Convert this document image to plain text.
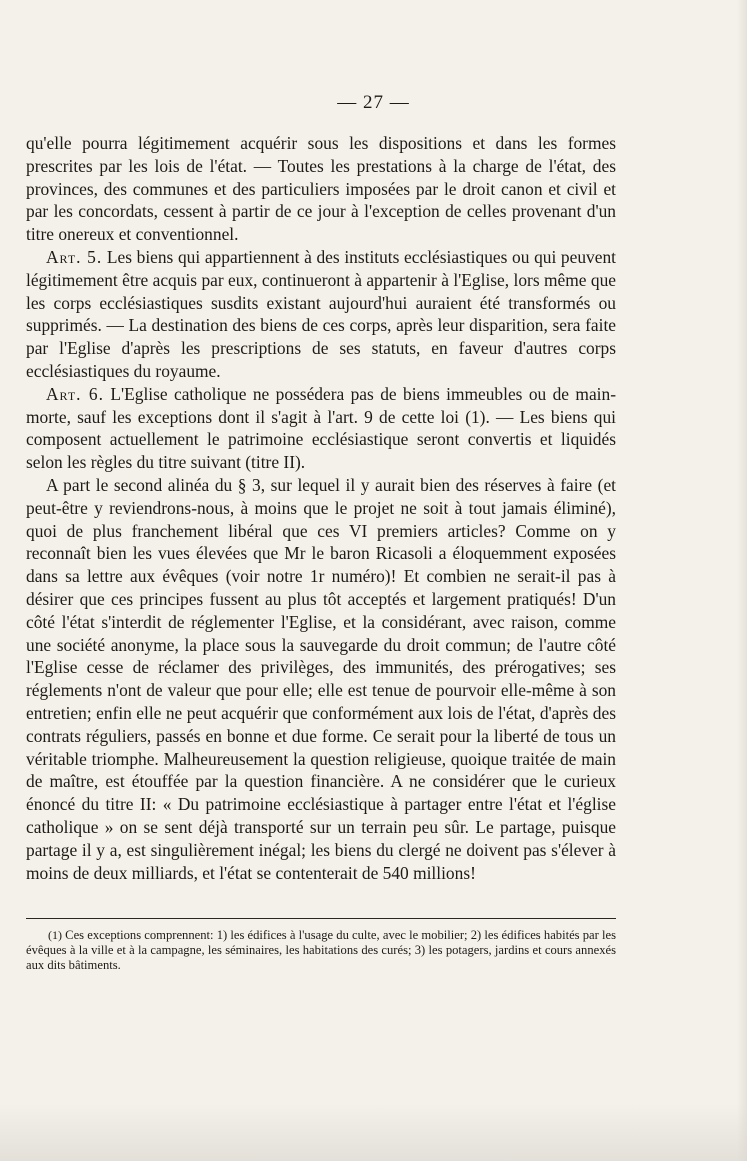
— 27 —

qu'elle pourra légitimement acquérir sous les dispositions et dans les formes prescrites par les lois de l'état. — Toutes les prestations à la charge de l'état, des provinces, des communes et des particuliers imposées par le droit canon et civil et par les concordats, cessent à partir de ce jour à l'exception de celles provenant d'un titre onereux et conventionnel.

Art. 5. Les biens qui appartiennent à des instituts ecclésiastiques ou qui peuvent légitimement être acquis par eux, continueront à appartenir à l'Eglise, lors même que les corps ecclésiastiques susdits existant aujourd'hui auraient été transformés ou supprimés. — La destination des biens de ces corps, après leur disparition, sera faite par l'Eglise d'après les prescriptions de ses statuts, en faveur d'autres corps ecclésiastiques du royaume.

Art. 6. L'Eglise catholique ne possédera pas de biens immeubles ou de main-morte, sauf les exceptions dont il s'agit à l'art. 9 de cette loi (1). — Les biens qui composent actuellement le patrimoine ecclésiastique seront convertis et liquidés selon les règles du titre suivant (titre II).

A part le second alinéa du § 3, sur lequel il y aurait bien des réserves à faire (et peut-être y reviendrons-nous, à moins que le projet ne soit à tout jamais éliminé), quoi de plus franchement libéral que ces VI premiers articles? Comme on y reconnaît bien les vues élevées que Mr le baron Ricasoli a éloquemment exposées dans sa lettre aux évêques (voir notre 1r numéro)! Et combien ne serait-il pas à désirer que ces principes fussent au plus tôt acceptés et largement pratiqués! D'un côté l'état s'interdit de réglementer l'Eglise, et la considérant, avec raison, comme une société anonyme, la place sous la sauvegarde du droit commun; de l'autre côté l'Eglise cesse de réclamer des privilèges, des immunités, des prérogatives; ses réglements n'ont de valeur que pour elle; elle est tenue de pourvoir elle-même à son entretien; enfin elle ne peut acquérir que conformément aux lois de l'état, d'après des contrats réguliers, passés en bonne et due forme. Ce serait pour la liberté de tous un véritable triomphe. Malheureusement la question religieuse, quoique traitée de main de maître, est étouffée par la question financière. A ne considérer que le curieux énoncé du titre II: « Du patrimoine ecclésiastique à partager entre l'état et l'église catholique » on se sent déjà transporté sur un terrain peu sûr. Le partage, puisque partage il y a, est singulièrement inégal; les biens du clergé ne doivent pas s'élever à moins de deux milliards, et l'état se contenterait de 540 millions!

(1) Ces exceptions comprennent: 1) les édifices à l'usage du culte, avec le mobilier; 2) les édifices habités par les évêques à la ville et à la campagne, les séminaires, les habitations des curés; 3) les potagers, jardins et cours annexés aux dits bâtiments.
